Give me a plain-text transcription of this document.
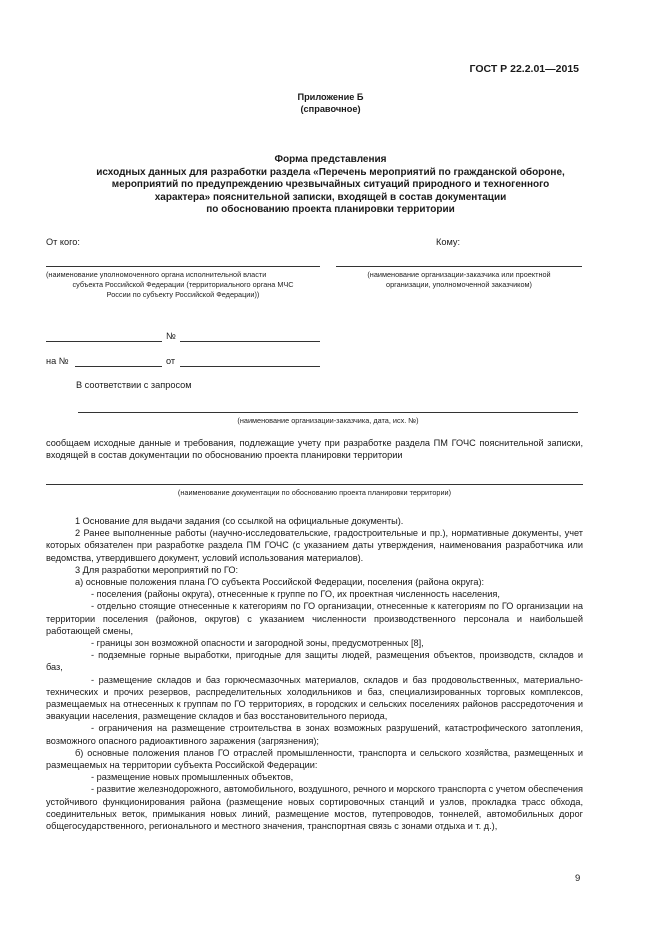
ГОСТ Р 22.2.01—2015
Приложение Б
(справочное)
Форма представления
исходных данных для разработки раздела «Перечень мероприятий по гражданской обороне,
мероприятий по предупреждению чрезвычайных ситуаций природного и техногенного
характера» пояснительной записки, входящей в состав документации
по обоснованию проекта планировки территории
От кого:	Кому:
(наименование уполномоченного органа исполнительной власти
субъекта Российской Федерации (территориального органа МЧС
России по субъекту Российской Федерации))
(наименование организации-заказчика или проектной
организации, уполномоченной заказчиком)
№
на №	от
В соответствии с запросом
(наименование организации-заказчика, дата, исх. №)

сообщаем исходные данные и требования, подлежащие учету при разработке раздела ПМ ГОЧС пояснительной записки, входящей в состав документации по обоснованию проекта планировки территории

(наименование документации по обоснованию проекта планировки территории)

1 Основание для выдачи задания (со ссылкой на официальные документы).

2 Ранее выполненные работы (научно-исследовательские, градостроительные и пр.), нормативные документы, учет которых обязателен при разработке раздела ПМ ГОЧС (с указанием даты утверждения, наименования разработчика или ведомства, утвердившего документ, условий использования материалов).

3 Для разработки мероприятий по ГО:

а) основные положения плана ГО субъекта Российской Федерации, поселения (района округа):

- поселения (районы округа), отнесенные к группе по ГО, их проектная численность населения,

- отдельно стоящие отнесенные к категориям по ГО организации, отнесенные к категориям по ГО организации на территории поселения (районов, округов) с указанием численности производственного персонала и наибольшей работающей смены,

- границы зон возможной опасности и загородной зоны, предусмотренных [8],

- подземные горные выработки, пригодные для защиты людей, размещения объектов, производств, складов и баз,

- размещение складов и баз горючесмазочных материалов, складов и баз продовольственных, материально-технических и прочих резервов, распределительных холодильников и баз, специализированных торговых комплексов, размещаемых на отнесенных к группам по ГО территориях, в городских и сельских поселениях районов рассредоточения и эвакуации населения, размещение складов и баз восстановительного периода,

- ограничения на размещение строительства в зонах возможных разрушений, катастрофического затопления, возможного опасного радиоактивного заражения (загрязнения);

б) основные положения планов ГО отраслей промышленности, транспорта и сельского хозяйства, размещенных и размещаемых на территории субъекта Российской Федерации:

- размещение новых промышленных объектов,

- развитие железнодорожного, автомобильного, воздушного, речного и морского транспорта с учетом обеспечения устойчивого функционирования района (размещение новых сортировочных станций и узлов, прокладка трасс обхода, соединительных веток, примыкания новых линий, размещение мостов, путепроводов, тоннелей, автомобильных дорог общегосударственного, регионального и местного значения, транспортная связь с зонами отдыха и т. д.),

9
